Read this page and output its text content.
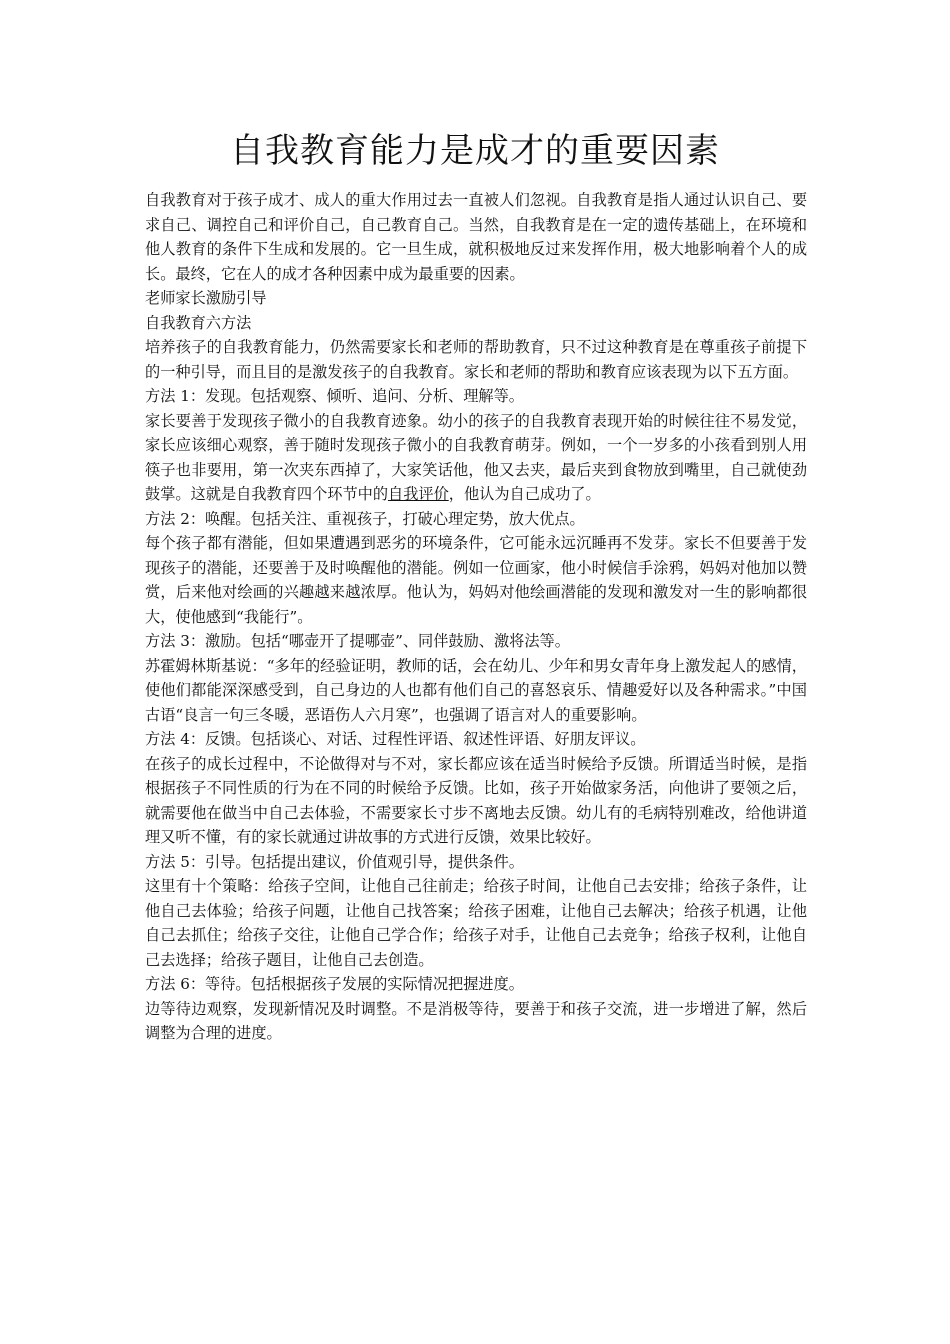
自我教育能力是成才的重要因素

自我教育对于孩子成才、成人的重大作用过去一直被人们忽视。自我教育是指人通过认识自己、要求自己、调控自己和评价自己，自己教育自己。当然，自我教育是在一定的遗传基础上，在环境和他人教育的条件下生成和发展的。它一旦生成，就积极地反过来发挥作用，极大地影响着个人的成长。最终，它在人的成才各种因素中成为最重要的因素。

老师家长激励引导

自我教育六方法

培养孩子的自我教育能力，仍然需要家长和老师的帮助教育，只不过这种教育是在尊重孩子前提下的一种引导，而且目的是激发孩子的自我教育。家长和老师的帮助和教育应该表现为以下五方面。

方法 1：发现。包括观察、倾听、追问、分析、理解等。

家长要善于发现孩子微小的自我教育迹象。幼小的孩子的自我教育表现开始的时候往往不易发觉，家长应该细心观察，善于随时发现孩子微小的自我教育萌芽。例如，一个一岁多的小孩看到别人用筷子也非要用，第一次夹东西掉了，大家笑话他，他又去夹，最后夹到食物放到嘴里，自己就使劲鼓掌。这就是自我教育四个环节中的自我评价，他认为自己成功了。

方法 2：唤醒。包括关注、重视孩子，打破心理定势，放大优点。

每个孩子都有潜能，但如果遭遇到恶劣的环境条件，它可能永远沉睡再不发芽。家长不但要善于发现孩子的潜能，还要善于及时唤醒他的潜能。例如一位画家，他小时候信手涂鸦，妈妈对他加以赞赏，后来他对绘画的兴趣越来越浓厚。他认为，妈妈对他绘画潜能的发现和激发对一生的影响都很大，使他感到“我能行”。

方法 3：激励。包括“哪壶开了提哪壶”、同伴鼓励、激将法等。

苏霍姆林斯基说：“多年的经验证明，教师的话，会在幼儿、少年和男女青年身上激发起人的感情，使他们都能深深感受到，自己身边的人也都有他们自己的喜怒哀乐、情趣爱好以及各种需求。”中国古语“良言一句三冬暖，恶语伤人六月寒”，也强调了语言对人的重要影响。

方法 4：反馈。包括谈心、对话、过程性评语、叙述性评语、好朋友评议。

在孩子的成长过程中，不论做得对与不对，家长都应该在适当时候给予反馈。所谓适当时候，是指根据孩子不同性质的行为在不同的时候给予反馈。比如，孩子开始做家务活，向他讲了要领之后，就需要他在做当中自己去体验，不需要家长寸步不离地去反馈。幼儿有的毛病特别难改，给他讲道理又听不懂，有的家长就通过讲故事的方式进行反馈，效果比较好。

方法 5：引导。包括提出建议，价值观引导，提供条件。

这里有十个策略：给孩子空间，让他自己往前走；给孩子时间，让他自己去安排；给孩子条件，让他自己去体验；给孩子问题，让他自己找答案；给孩子困难，让他自己去解决；给孩子机遇，让他自己去抓住；给孩子交往，让他自己学合作；给孩子对手，让他自己去竞争；给孩子权利，让他自己去选择；给孩子题目，让他自己去创造。

方法 6：等待。包括根据孩子发展的实际情况把握进度。

边等待边观察，发现新情况及时调整。不是消极等待，要善于和孩子交流，进一步增进了解，然后调整为合理的进度。
